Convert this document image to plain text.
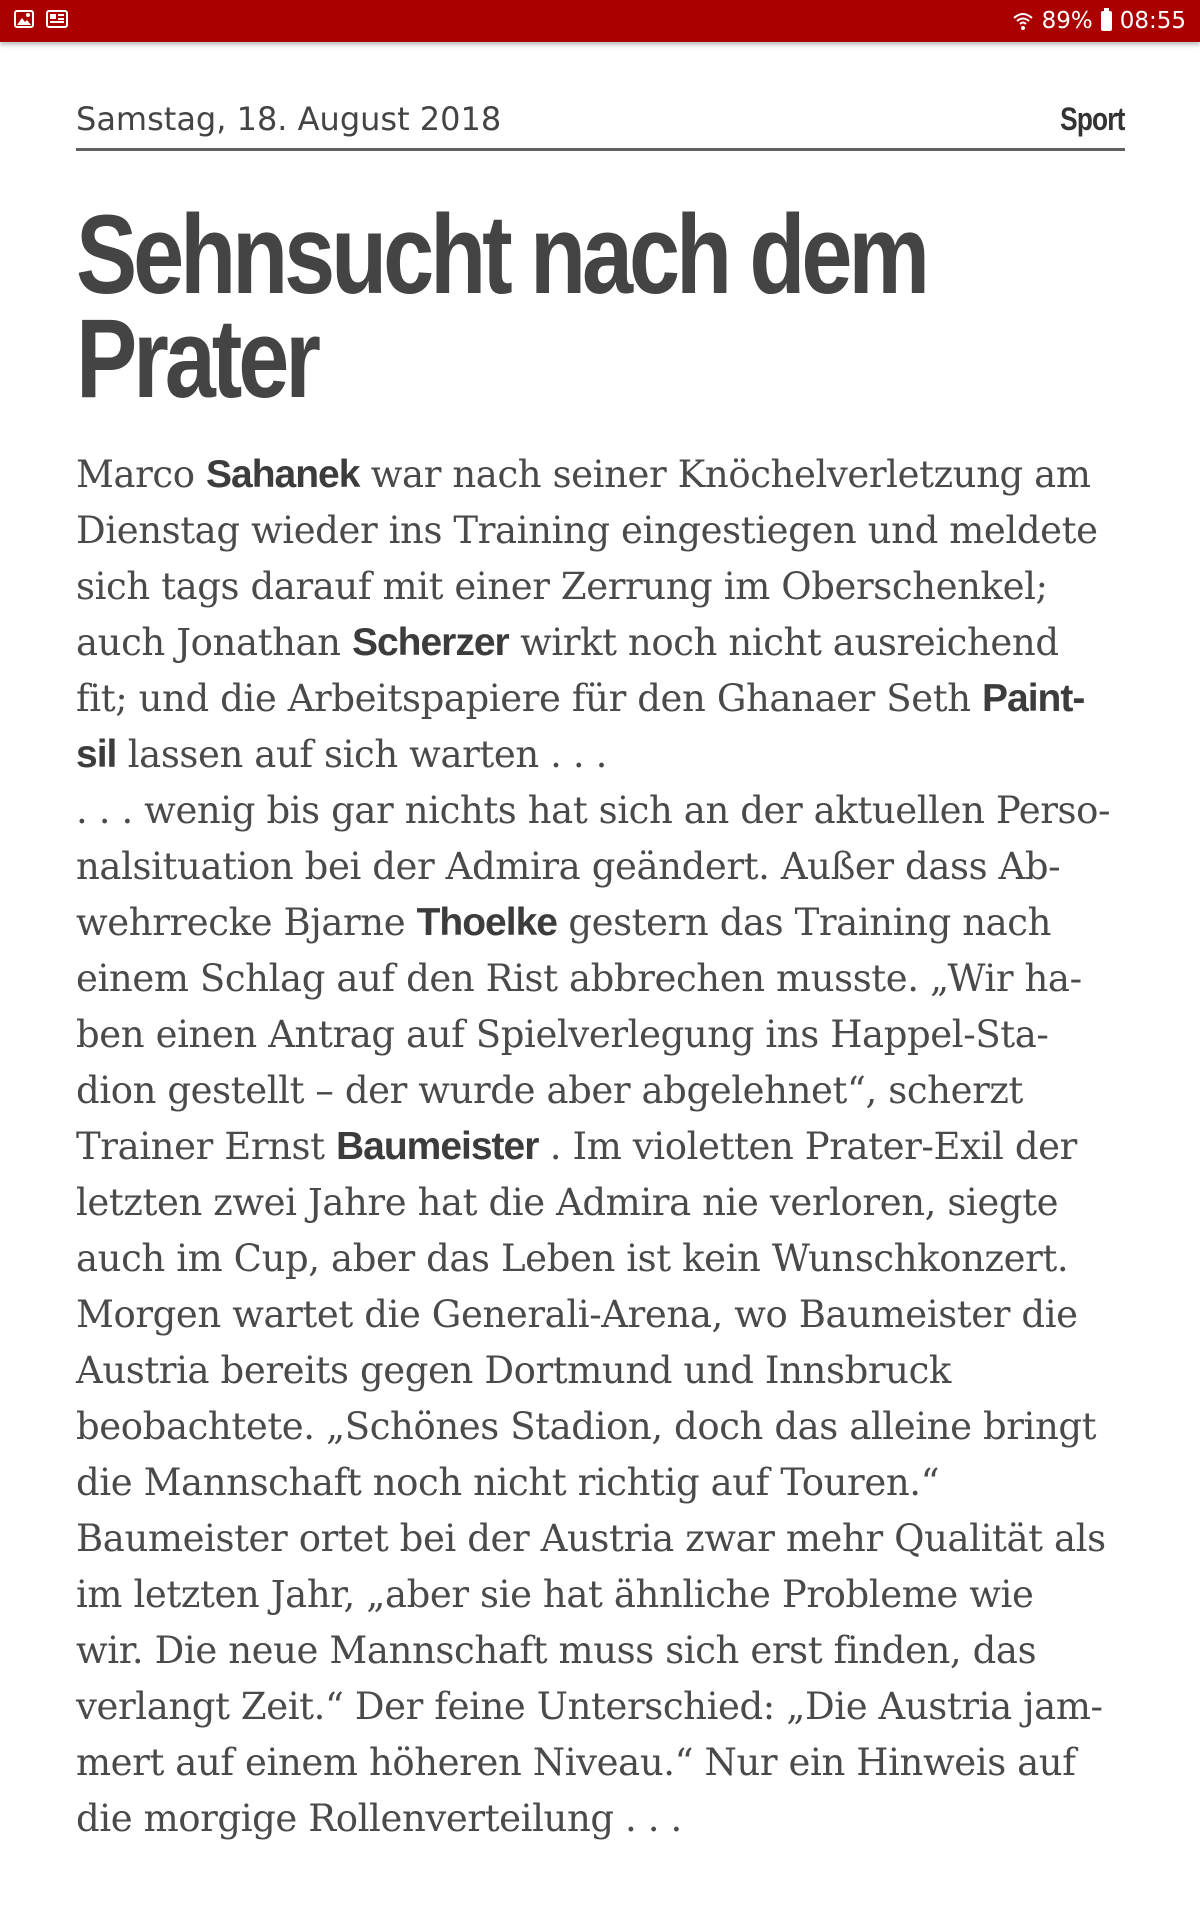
89% 08:55
Samstag, 18. August 2018	Sport
Sehnsucht nach dem
Prater

Marco Sahanek war nach seiner Knöchelverletzung am
Dienstag wieder ins Training eingestiegen und meldete
sich tags darauf mit einer Zerrung im Oberschenkel;
auch Jonathan Scherzer wirkt noch nicht ausreichend
fit; und die Arbeitspapiere für den Ghanaer Seth Paint-
sil lassen auf sich warten . . .

. . . wenig bis gar nichts hat sich an der aktuellen Perso-
nalsituation bei der Admira geändert. Außer dass Ab-
wehrrecke Bjarne Thoelke gestern das Training nach
einem Schlag auf den Rist abbrechen musste. „Wir ha-
ben einen Antrag auf Spielverlegung ins Happel-Sta-
dion gestellt – der wurde aber abgelehnet“, scherzt
Trainer Ernst Baumeister . Im violetten Prater-Exil der
letzten zwei Jahre hat die Admira nie verloren, siegte
auch im Cup, aber das Leben ist kein Wunschkonzert.
Morgen wartet die Generali-Arena, wo Baumeister die
Austria bereits gegen Dortmund und Innsbruck
beobachtete. „Schönes Stadion, doch das alleine bringt
die Mannschaft noch nicht richtig auf Touren.“
Baumeister ortet bei der Austria zwar mehr Qualität als
im letzten Jahr, „aber sie hat ähnliche Probleme wie
wir. Die neue Mannschaft muss sich erst finden, das
verlangt Zeit.“ Der feine Unterschied: „Die Austria jam-
mert auf einem höheren Niveau.“ Nur ein Hinweis auf
die morgige Rollenverteilung . . .
